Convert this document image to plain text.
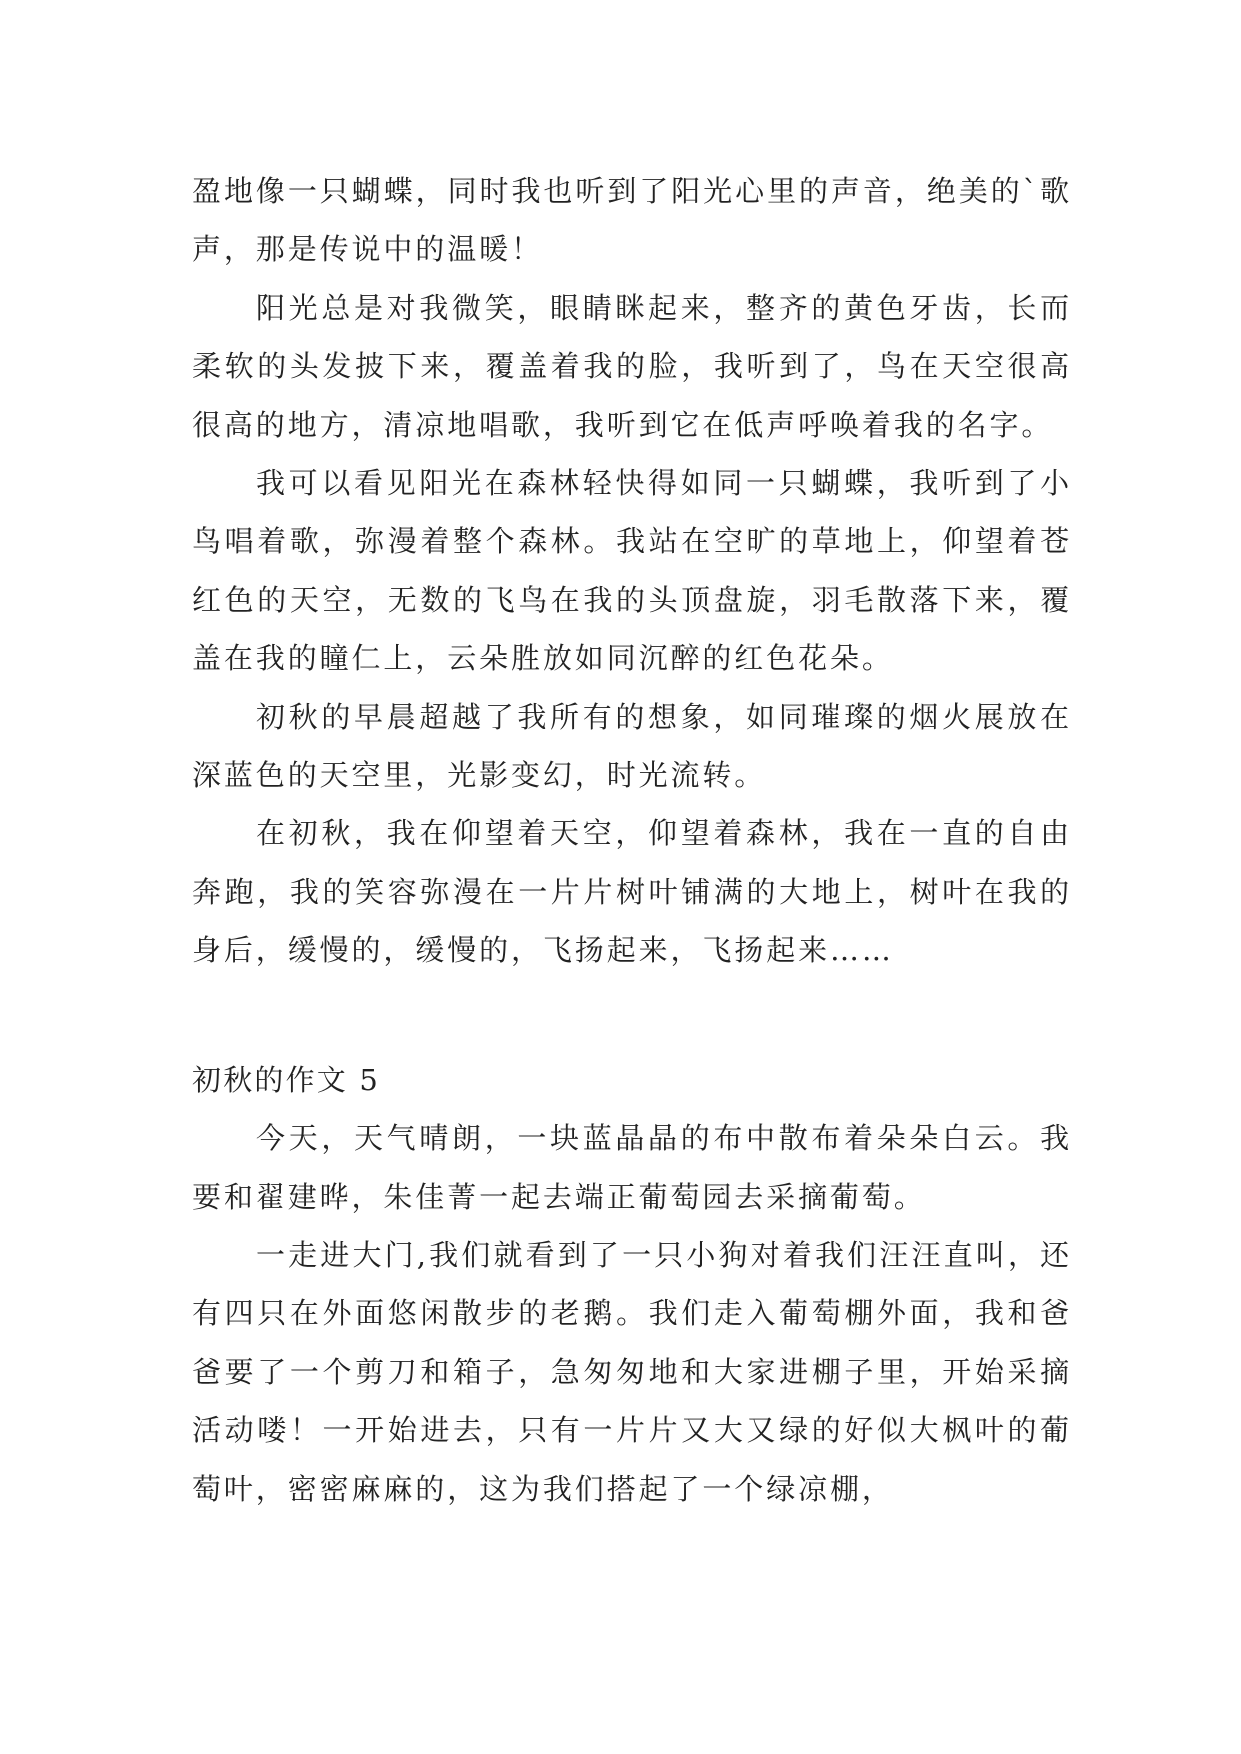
盈地像一只蝴蝶，同时我也听到了阳光心里的声音，绝美的`歌声，那是传说中的温暖！

阳光总是对我微笑，眼睛眯起来，整齐的黄色牙齿，长而柔软的头发披下来，覆盖着我的脸，我听到了，鸟在天空很高很高的地方，清凉地唱歌，我听到它在低声呼唤着我的名字。

我可以看见阳光在森林轻快得如同一只蝴蝶，我听到了小鸟唱着歌，弥漫着整个森林。我站在空旷的草地上，仰望着苍红色的天空，无数的飞鸟在我的头顶盘旋，羽毛散落下来，覆盖在我的瞳仁上，云朵胜放如同沉醉的红色花朵。

初秋的早晨超越了我所有的想象，如同璀璨的烟火展放在深蓝色的天空里，光影变幻，时光流转。

在初秋，我在仰望着天空，仰望着森林，我在一直的自由奔跑，我的笑容弥漫在一片片树叶铺满的大地上，树叶在我的身后，缓慢的，缓慢的，飞扬起来，飞扬起来……

初秋的作文 5

今天，天气晴朗，一块蓝晶晶的布中散布着朵朵白云。我要和翟建晔，朱佳菁一起去端正葡萄园去采摘葡萄。

一走进大门,我们就看到了一只小狗对着我们汪汪直叫，还有四只在外面悠闲散步的老鹅。我们走入葡萄棚外面，我和爸爸要了一个剪刀和箱子，急匆匆地和大家进棚子里，开始采摘活动喽！一开始进去，只有一片片又大又绿的好似大枫叶的葡萄叶，密密麻麻的，这为我们搭起了一个绿凉棚，
